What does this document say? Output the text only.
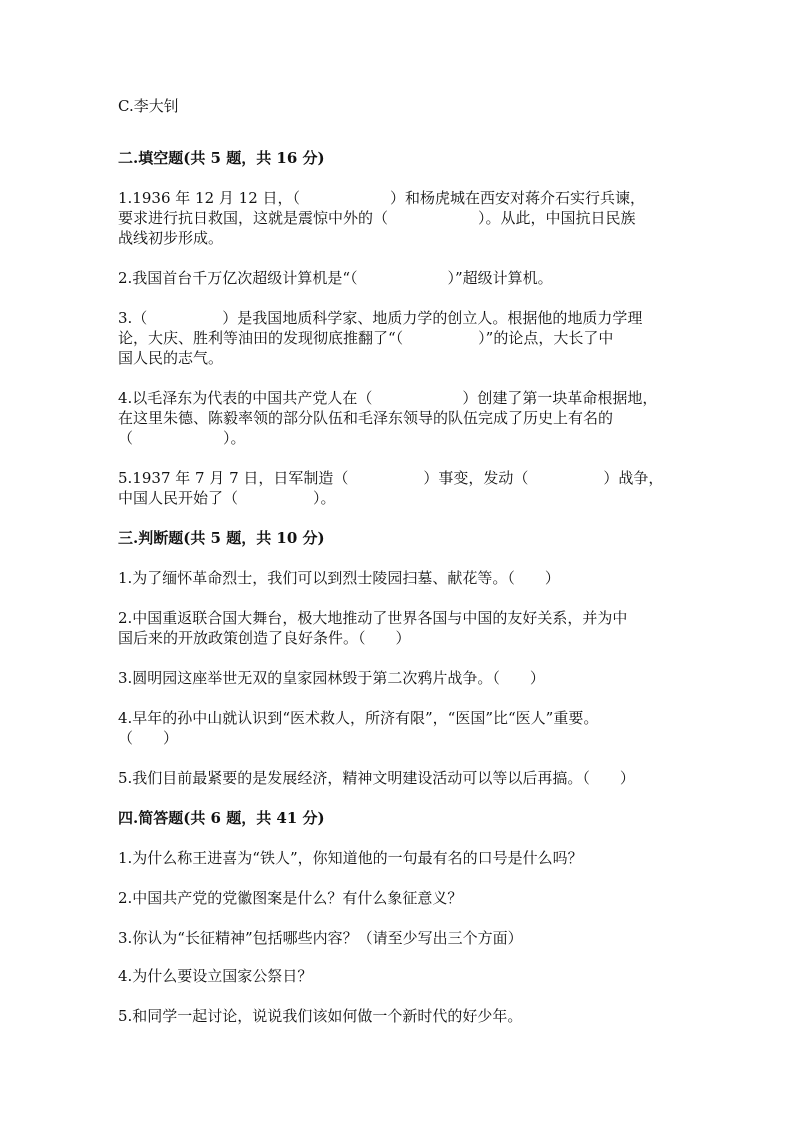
C.李大钊
二.填空题(共 5 题，共 16 分)
1.1936 年 12 月 12 日，（　　　　　　）和杨虎城在西安对蒋介石实行兵谏，
要求进行抗日救国，这就是震惊中外的（　　　　　　）。从此，中国抗日民族
战线初步形成。
2.我国首台千万亿次超级计算机是“（　　　　　　）”超级计算机。
3.（　　　　　）是我国地质科学家、地质力学的创立人。根据他的地质力学理
论，大庆、胜利等油田的发现彻底推翻了“（　　　　　）”的论点，大长了中
国人民的志气。
4.以毛泽东为代表的中国共产党人在（　　　　　　）创建了第一块革命根据地，
在这里朱德、陈毅率领的部分队伍和毛泽东领导的队伍完成了历史上有名的
（　　　　　　）。
5.1937 年 7 月 7 日，日军制造（　　　　　）事变，发动（　　　　　）战争，
中国人民开始了（　　　　　）。
三.判断题(共 5 题，共 10 分)
1.为了缅怀革命烈士，我们可以到烈士陵园扫墓、献花等。（　　）
2.中国重返联合国大舞台，极大地推动了世界各国与中国的友好关系，并为中
国后来的开放政策创造了良好条件。（　　）
3.圆明园这座举世无双的皇家园林毁于第二次鸦片战争。（　　）
4.早年的孙中山就认识到“医术救人，所济有限”，“医国”比“医人”重要。
（　　）
5.我们目前最紧要的是发展经济，精神文明建设活动可以等以后再搞。（　　）
四.简答题(共 6 题，共 41 分)
1.为什么称王进喜为“铁人”，你知道他的一句最有名的口号是什么吗？
2.中国共产党的党徽图案是什么？有什么象征意义？
3.你认为“长征精神”包括哪些内容？（请至少写出三个方面）
4.为什么要设立国家公祭日？
5.和同学一起讨论，说说我们该如何做一个新时代的好少年。
